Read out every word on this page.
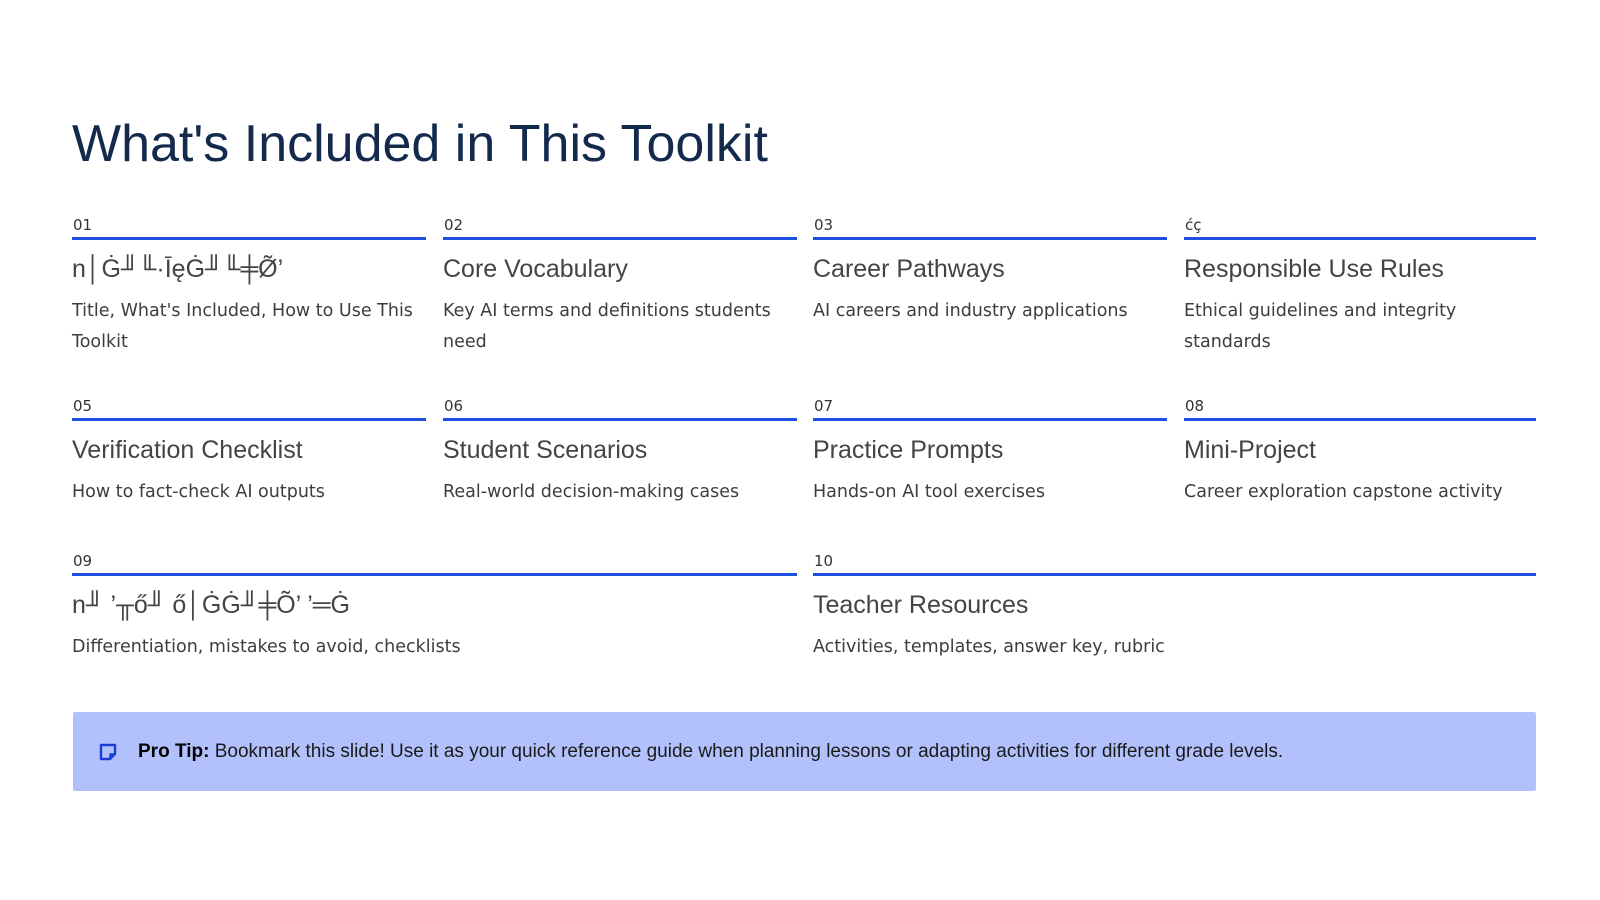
What's Included in This Toolkit
01
n│Ġ╜╙·ĪęĠ╜╙╪Ø̃’
Title, What's Included, How to Use This Toolkit
02
Core Vocabulary
Key AI terms and definitions students need
03
Career Pathways
AI careers and industry applications
ćç
Responsible Use Rules
Ethical guidelines and integrity standards
05
Verification Checklist
How to fact-check AI outputs
06
Student Scenarios
Real-world decision-making cases
07
Practice Prompts
Hands-on AI tool exercises
08
Mini-Project
Career exploration capstone activity
09
n╜ ’╥ő╜ ő│ĠĠ╜╪Õ’ ’═Ġ
Differentiation, mistakes to avoid, checklists
10
Teacher Resources
Activities, templates, answer key, rubric
Pro Tip: Bookmark this slide! Use it as your quick reference guide when planning lessons or adapting activities for different grade levels.
